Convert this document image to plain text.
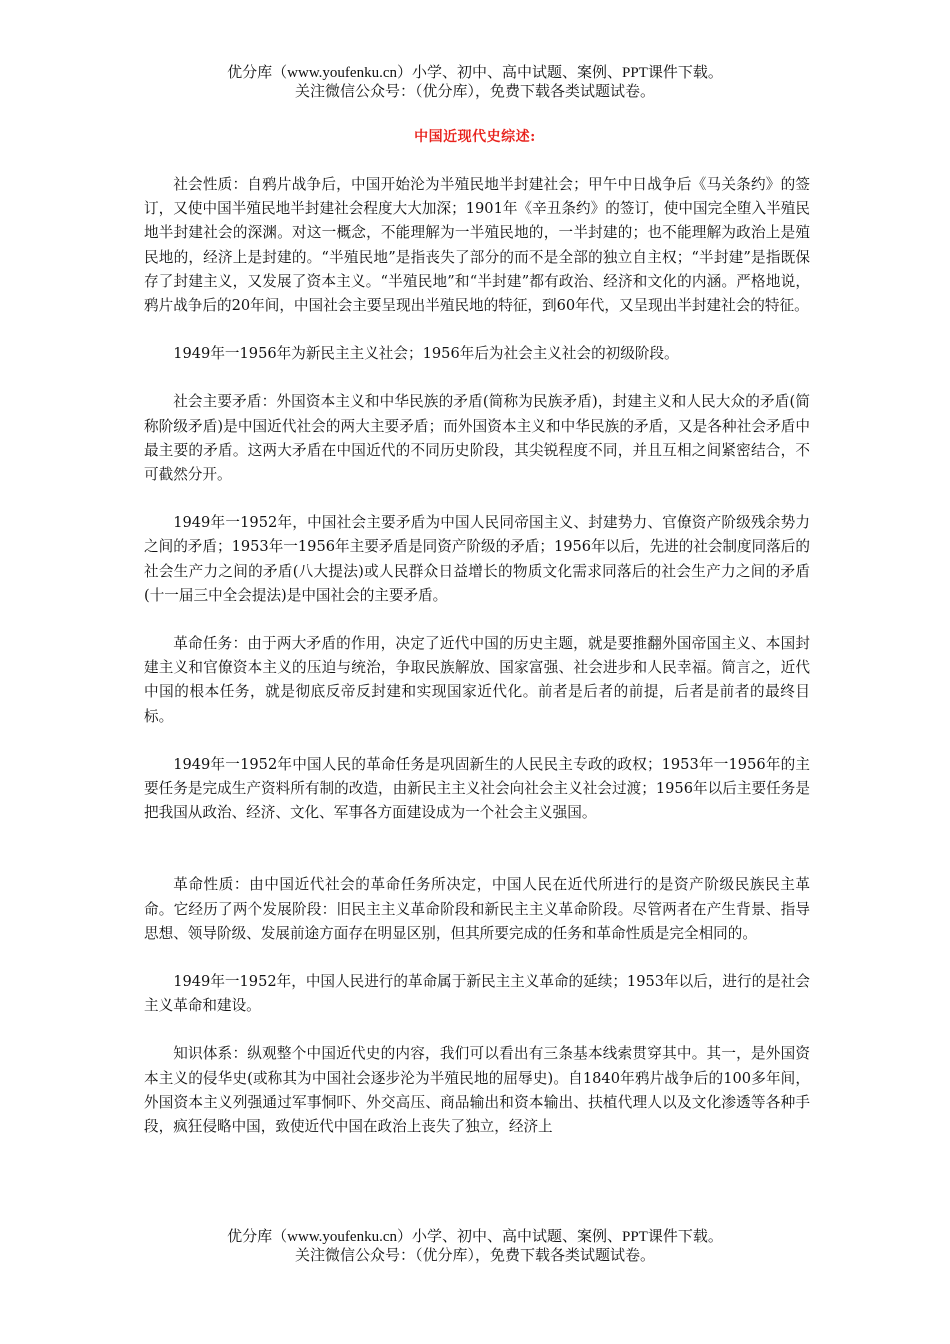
优分库（www.youfenku.cn）小学、初中、高中试题、案例、PPT课件下载。
关注微信公众号：（优分库），免费下载各类试题试卷。
中国近现代史综述:

社会性质：自鸦片战争后，中国开始沦为半殖民地半封建社会；甲午中日战争后《马关条约》的签订，又使中国半殖民地半封建社会程度大大加深；1901年《辛丑条约》的签订，使中国完全堕入半殖民地半封建社会的深渊。对这一概念，不能理解为一半殖民地的，一半封建的；也不能理解为政治上是殖民地的，经济上是封建的。“半殖民地”是指丧失了部分的而不是全部的独立自主权；“半封建”是指既保存了封建主义，又发展了资本主义。“半殖民地”和“半封建”都有政治、经济和文化的内涵。严格地说，鸦片战争后的20年间，中国社会主要呈现出半殖民地的特征，到60年代，又呈现出半封建社会的特征。

1949年一1956年为新民主主义社会；1956年后为社会主义社会的初级阶段。

社会主要矛盾：外国资本主义和中华民族的矛盾(简称为民族矛盾)，封建主义和人民大众的矛盾(简称阶级矛盾)是中国近代社会的两大主要矛盾；而外国资本主义和中华民族的矛盾，又是各种社会矛盾中最主要的矛盾。这两大矛盾在中国近代的不同历史阶段，其尖锐程度不同，并且互相之间紧密结合，不可截然分开。

1949年一1952年，中国社会主要矛盾为中国人民同帝国主义、封建势力、官僚资产阶级残余势力之间的矛盾；1953年一1956年主要矛盾是同资产阶级的矛盾；1956年以后，先进的社会制度同落后的社会生产力之间的矛盾(八大提法)或人民群众日益增长的物质文化需求同落后的社会生产力之间的矛盾(十一届三中全会提法)是中国社会的主要矛盾。

革命任务：由于两大矛盾的作用，决定了近代中国的历史主题，就是要推翻外国帝国主义、本国封建主义和官僚资本主义的压迫与统治，争取民族解放、国家富强、社会进步和人民幸福。简言之，近代中国的根本任务，就是彻底反帝反封建和实现国家近代化。前者是后者的前提，后者是前者的最终目标。

1949年一1952年中国人民的革命任务是巩固新生的人民民主专政的政权；1953年一1956年的主要任务是完成生产资料所有制的改造，由新民主主义社会向社会主义社会过渡；1956年以后主要任务是把我国从政治、经济、文化、军事各方面建设成为一个社会主义强国。

革命性质：由中国近代社会的革命任务所决定，中国人民在近代所进行的是资产阶级民族民主革命。它经历了两个发展阶段：旧民主主义革命阶段和新民主主义革命阶段。尽管两者在产生背景、指导思想、领导阶级、发展前途方面存在明显区别，但其所要完成的任务和革命性质是完全相同的。

1949年一1952年，中国人民进行的革命属于新民主主义革命的延续；1953年以后，进行的是社会主义革命和建设。

知识体系：纵观整个中国近代史的内容，我们可以看出有三条基本线索贯穿其中。其一，是外国资本主义的侵华史(或称其为中国社会逐步沦为半殖民地的屈辱史)。自1840年鸦片战争后的100多年间，外国资本主义列强通过军事恫吓、外交高压、商品输出和资本输出、扶植代理人以及文化渗透等各种手段，疯狂侵略中国，致使近代中国在政治上丧失了独立，经济上

优分库（www.youfenku.cn）小学、初中、高中试题、案例、PPT课件下载。
关注微信公众号：（优分库），免费下载各类试题试卷。
